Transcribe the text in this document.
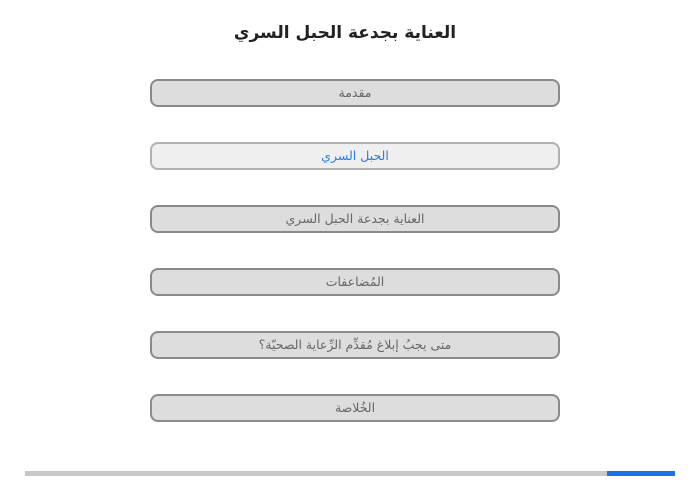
العناية بجدعة الحبل السري
مقدمة
الحبل السري
العناية بجدعة الحبل السري
المُضاعفات
متى يجبُ إبلاغ مُقدِّم الرِّعاية الصحيّة؟
الخُلاصة
